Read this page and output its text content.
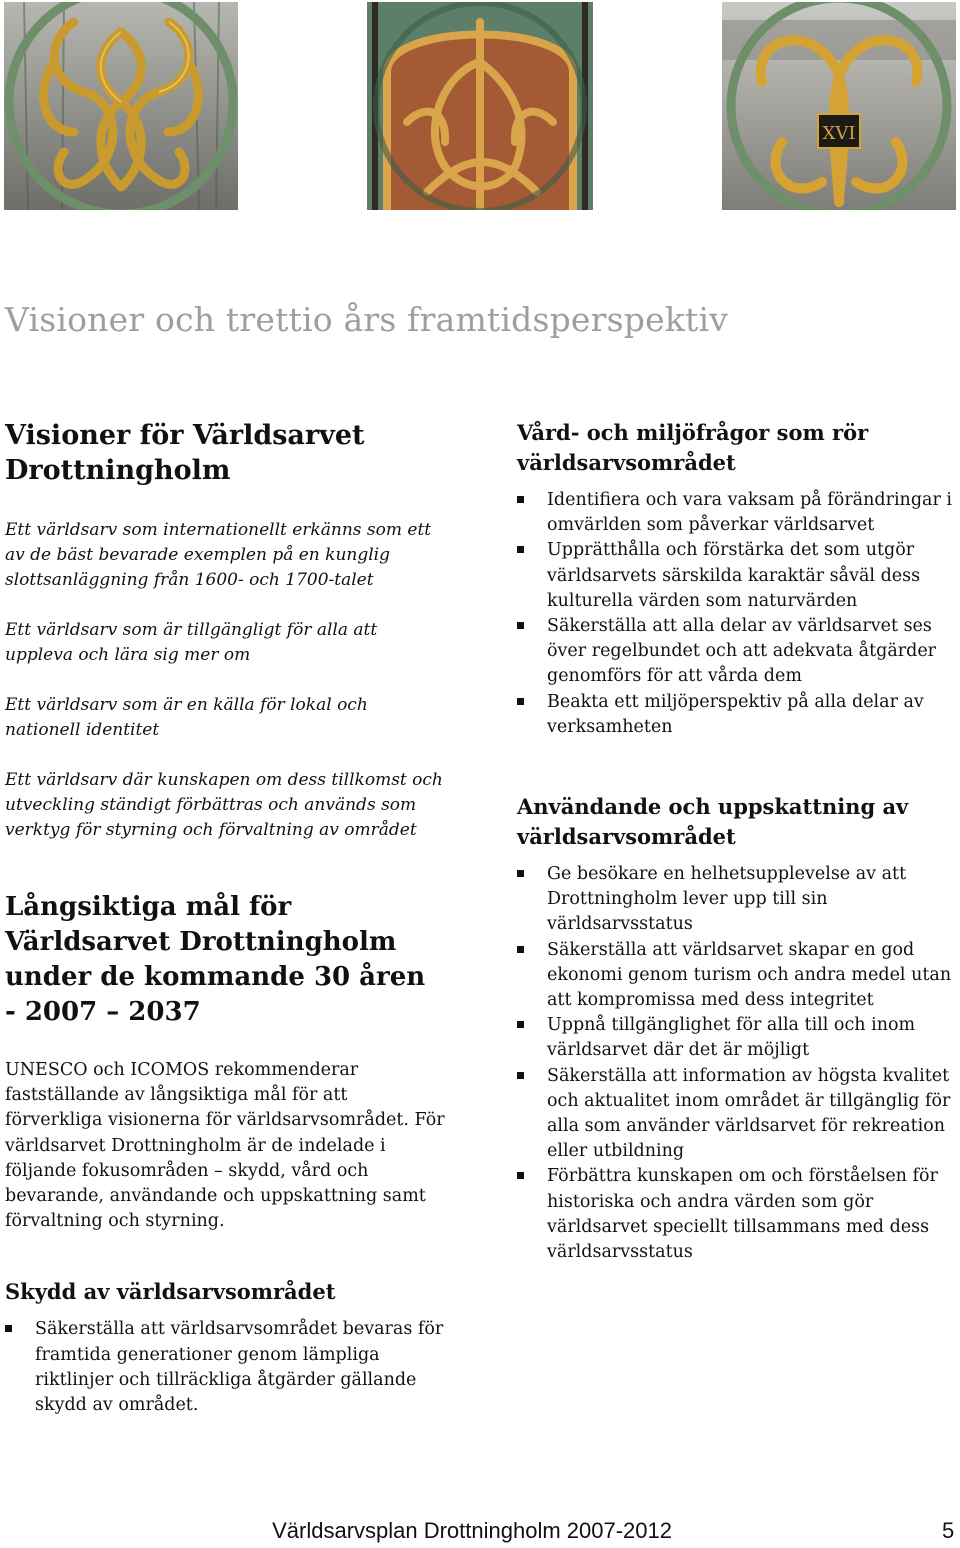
XVI
Visioner och trettio års framtidsperspektiv
Visioner för Världsarvet Drottningholm

Ett världsarv som internationellt erkänns som ett av de bäst bevarade exemplen på en kunglig slottsanläggning från 1600- och 1700-talet

Ett världsarv som är tillgängligt för alla att uppleva och lära sig mer om

Ett världsarv som är en källa för lokal och nationell identitet

Ett världsarv där kunskapen om dess tillkomst och utveckling ständigt förbättras och används som verktyg för styrning och förvaltning av området

Långsiktiga mål för Världsarvet Drottningholm under de kommande 30 åren - 2007 – 2037

UNESCO och ICOMOS rekommenderar fastställande av långsiktiga mål för att förverkliga visionerna för världsarvsområdet. För världsarvet Drottningholm är de indelade i följande fokusområden – skydd, vård och bevarande, användande och uppskattning samt förvaltning och styrning.

Skydd av världsarvsområdet
Säkerställa att världsarvsområdet bevaras för framtida generationer genom lämpliga riktlinjer och tillräckliga åtgärder gällande skydd av området.
Vård- och miljöfrågor som rör världsarvsområdet
Identifiera och vara vaksam på förändringar i omvärlden som påverkar världsarvet
Upprätthålla och förstärka det som utgör världsarvets särskilda karaktär såväl dess kulturella värden som naturvärden
Säkerställa att alla delar av världsarvet ses över regelbundet och att adekvata åtgärder genomförs för att vårda dem
Beakta ett miljöperspektiv på alla delar av verksamheten
Användande och uppskattning av världsarvsområdet
Ge besökare en helhetsupplevelse av att Drottningholm lever upp till sin världsarvsstatus
Säkerställa att världsarvet skapar en god ekonomi genom turism och andra medel utan att kompromissa med dess integritet
Uppnå tillgänglighet för alla till och inom världsarvet där det är möjligt
Säkerställa att information av högsta kvalitet och aktualitet inom området är tillgänglig för alla som använder världsarvet för rekreation eller utbildning
Förbättra kunskapen om och förståelsen för historiska och andra värden som gör världsarvet speciellt tillsammans med dess världsarvsstatus
Världsarvsplan Drottningholm 2007-2012	5
